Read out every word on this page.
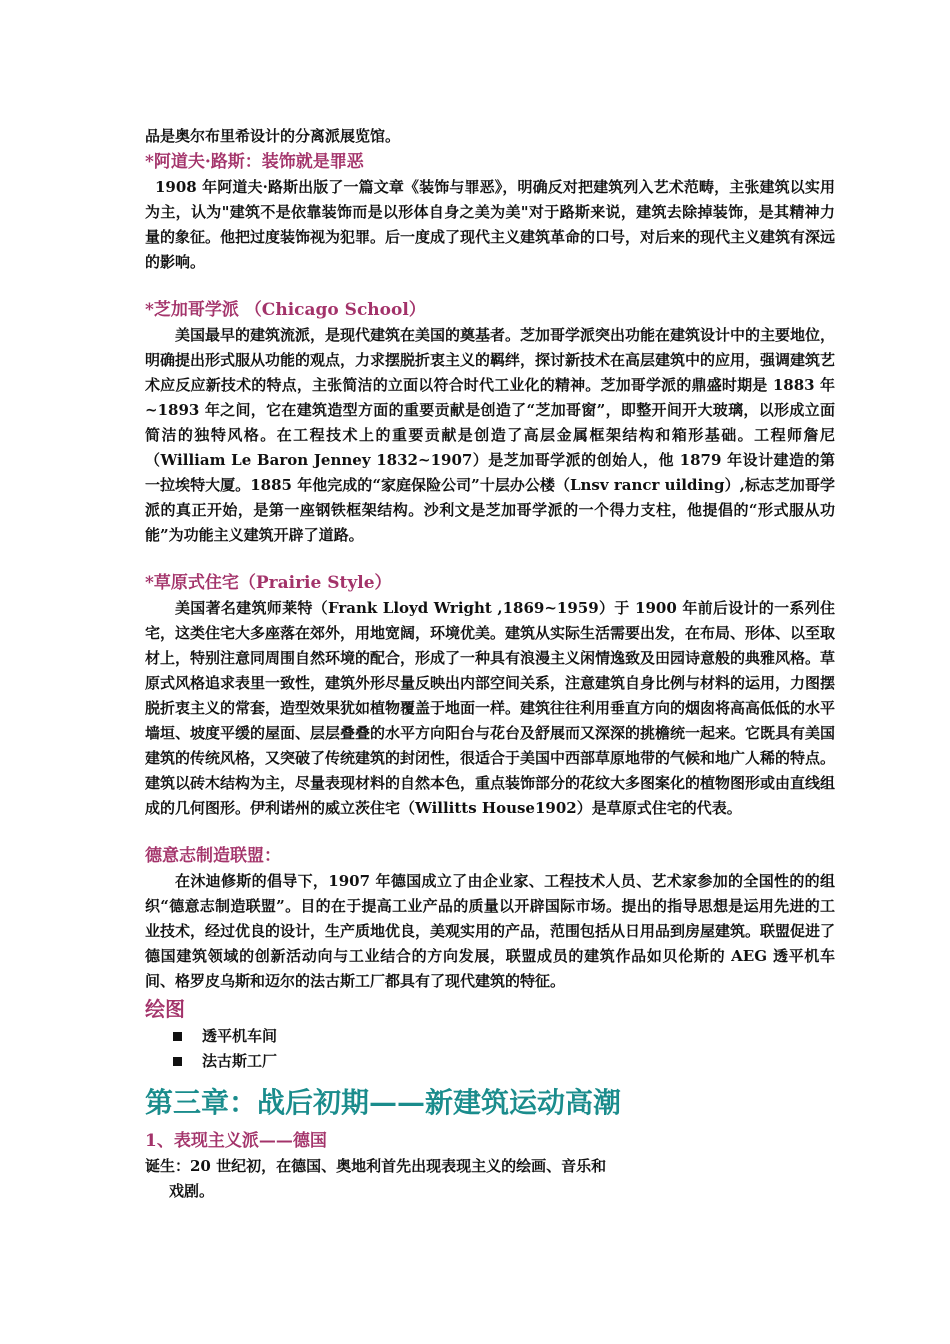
品是奥尔布里希设计的分离派展览馆。

*阿道夫·路斯：装饰就是罪恶

1908 年阿道夫·路斯出版了一篇文章《装饰与罪恶》，明确反对把建筑列入艺术范畴，主张建筑以实用为主，认为"建筑不是依靠装饰而是以形体自身之美为美"对于路斯来说，建筑去除掉装饰，是其精神力量的象征。他把过度装饰视为犯罪。后一度成了现代主义建筑革命的口号，对后来的现代主义建筑有深远的影响。

*芝加哥学派 （Chicago School）

美国最早的建筑流派，是现代建筑在美国的奠基者。芝加哥学派突出功能在建筑设计中的主要地位，明确提出形式服从功能的观点，力求摆脱折衷主义的羁绊，探讨新技术在高层建筑中的应用，强调建筑艺术应反应新技术的特点，主张简洁的立面以符合时代工业化的精神。芝加哥学派的鼎盛时期是 1883 年~1893 年之间，它在建筑造型方面的重要贡献是创造了“芝加哥窗”，即整开间开大玻璃，以形成立面简洁的独特风格。在工程技术上的重要贡献是创造了高层金属框架结构和箱形基础。工程师詹尼（William Le Baron Jenney 1832~1907）是芝加哥学派的创始人，他 1879 年设计建造的第一拉埃特大厦。1885 年他完成的“家庭保险公司”十层办公楼（Lnsv rancr uilding）,标志芝加哥学派的真正开始，是第一座钢铁框架结构。沙利文是芝加哥学派的一个得力支柱，他提倡的“形式服从功能”为功能主义建筑开辟了道路。

*草原式住宅（Prairie Style）

美国著名建筑师莱特（Frank Lloyd Wright ,1869~1959）于 1900 年前后设计的一系列住宅，这类住宅大多座落在郊外，用地宽阔，环境优美。建筑从实际生活需要出发，在布局、形体、以至取材上，特别注意同周围自然环境的配合，形成了一种具有浪漫主义闲情逸致及田园诗意般的典雅风格。草原式风格追求表里一致性，建筑外形尽量反映出内部空间关系，注意建筑自身比例与材料的运用，力图摆脱折衷主义的常套，造型效果犹如植物覆盖于地面一样。建筑往往利用垂直方向的烟囱将高高低低的水平墙垣、坡度平缓的屋面、层层叠叠的水平方向阳台与花台及舒展而又深深的挑檐统一起来。它既具有美国建筑的传统风格，又突破了传统建筑的封闭性，很适合于美国中西部草原地带的气候和地广人稀的特点。建筑以砖木结构为主，尽量表现材料的自然本色，重点装饰部分的花纹大多图案化的植物图形或由直线组成的几何图形。伊利诺州的威立茨住宅（Willitts House1902）是草原式住宅的代表。

德意志制造联盟：

在沐迪修斯的倡导下，1907 年德国成立了由企业家、工程技术人员、艺术家参加的全国性的的组织“德意志制造联盟”。目的在于提高工业产品的质量以开辟国际市场。提出的指导思想是运用先进的工业技术，经过优良的设计，生产质地优良，美观实用的产品，范围包括从日用品到房屋建筑。联盟促进了德国建筑领域的创新活动向与工业结合的方向发展，联盟成员的建筑作品如贝伦斯的 AEG 透平机车间、格罗皮乌斯和迈尔的法古斯工厂都具有了现代建筑的特征。

绘图

透平机车间
法古斯工厂

第三章：战后初期——新建筑运动高潮

1、表现主义派——德国

诞生：20 世纪初，在德国、奥地利首先出现表现主义的绘画、音乐和

戏剧。
